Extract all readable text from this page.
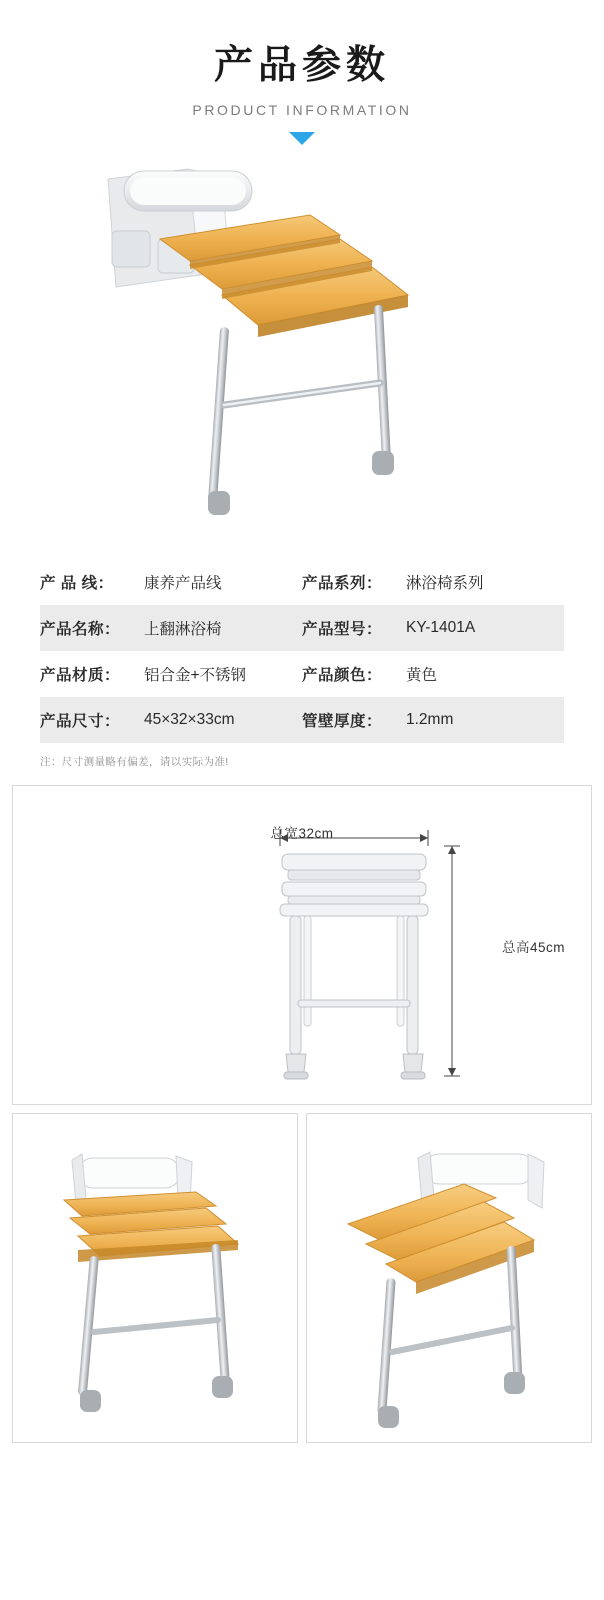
产品参数
PRODUCT INFORMATION
产 品 线：	康养产品线	产品系列：	淋浴椅系列
产品名称：	上翻淋浴椅	产品型号：	KY-1401A
产品材质：	铝合金+不锈钢	产品颜色：	黄色
产品尺寸：	45×32×33cm	管壁厚度：	1.2mm
注：尺寸测量略有偏差，请以实际为准!
总宽32cm
总高45cm
